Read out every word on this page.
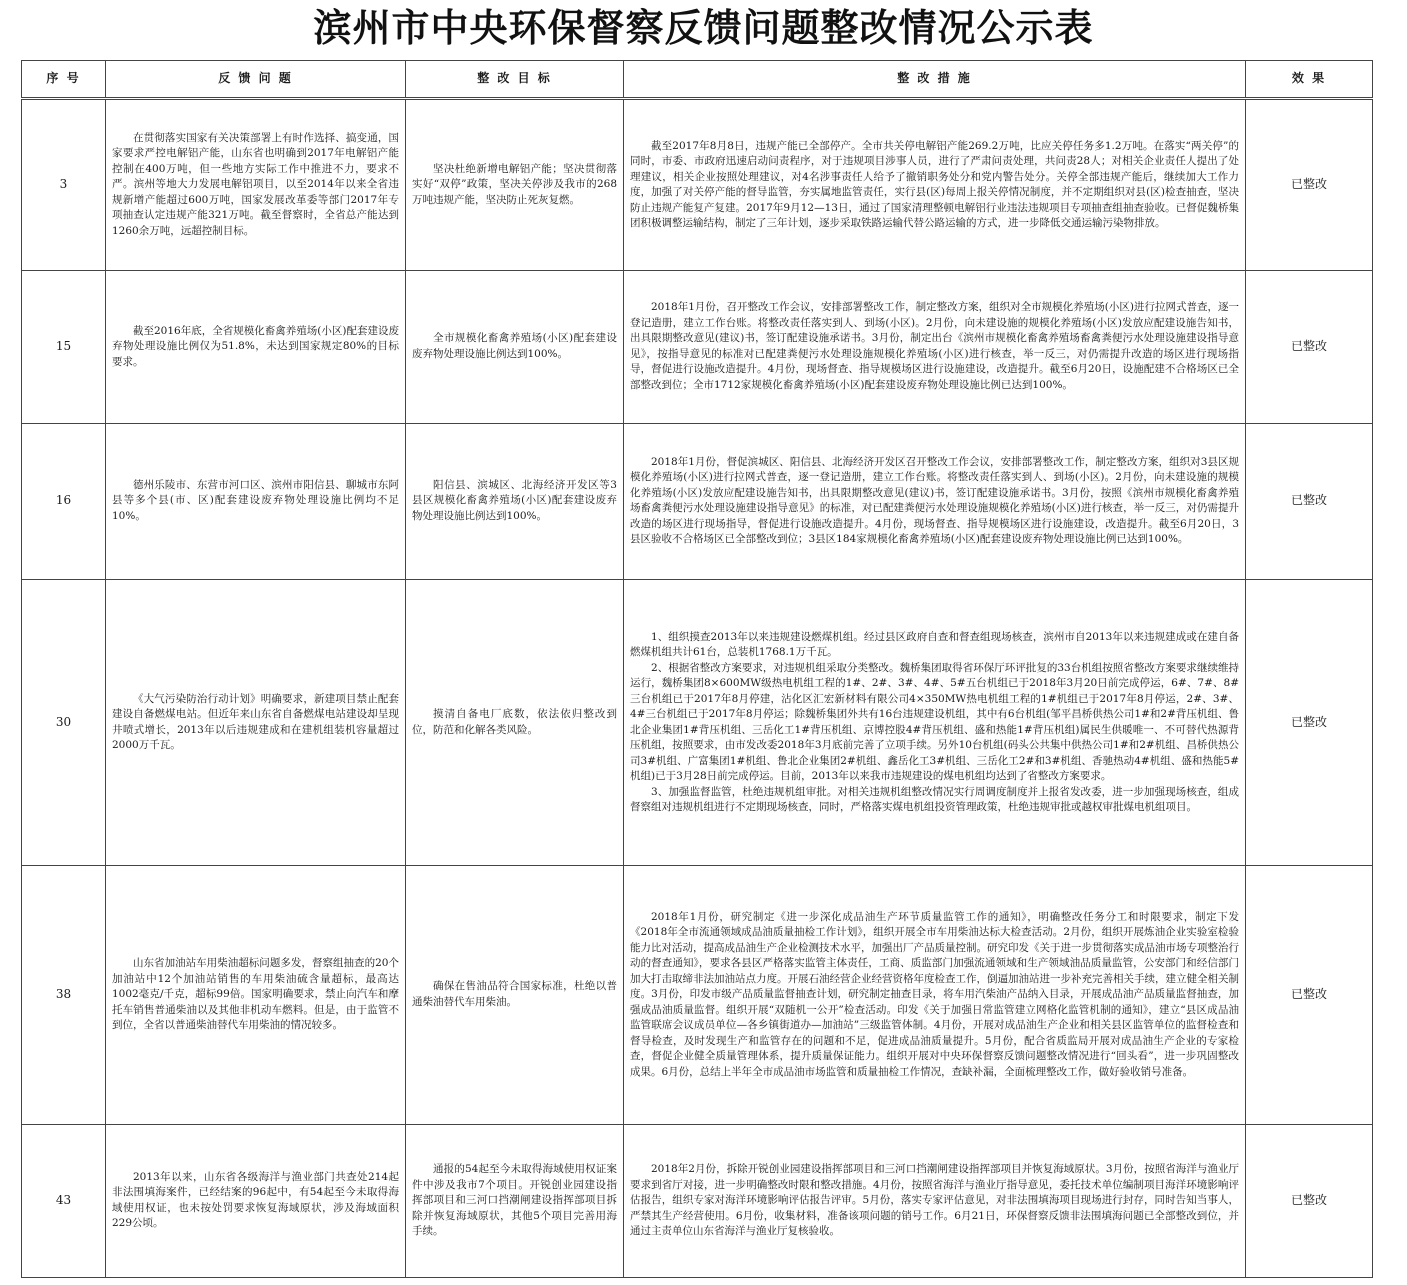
滨州市中央环保督察反馈问题整改情况公示表
序 号	反 馈 问 题	整 改 目 标	整 改 措 施	效 果
3	在贯彻落实国家有关决策部署上有时作选择、搞变通，国家要求严控电解铝产能，山东省也明确到2017年电解铝产能控制在400万吨，但一些地方实际工作中推进不力，要求不严。滨州等地大力发展电解铝项目，以至2014年以来全省违规新增产能超过600万吨，国家发展改革委等部门2017年专项抽查认定违规产能321万吨。截至督察时，全省总产能达到1260余万吨，远超控制目标。	坚决杜绝新增电解铝产能；坚决贯彻落实好“双停”政策，坚决关停涉及我市的268万吨违规产能，坚决防止死灰复燃。	截至2017年8月8日，违规产能已全部停产。全市共关停电解铝产能269.2万吨，比应关停任务多1.2万吨。在落实“两关停”的同时，市委、市政府迅速启动问责程序，对于违规项目涉事人员，进行了严肃问责处理，共问责28人；对相关企业责任人提出了处理建议，相关企业按照处理建议，对4名涉事责任人给予了撤销职务处分和党内警告处分。关停全部违规产能后，继续加大工作力度，加强了对关停产能的督导监管，夯实属地监管责任，实行县(区)每周上报关停情况制度，并不定期组织对县(区)检查抽查，坚决防止违规产能复产复建。2017年9月12—13日，通过了国家清理整顿电解铝行业违法违规项目专项抽查组抽查验收。已督促魏桥集团积极调整运输结构，制定了三年计划，逐步采取铁路运输代替公路运输的方式，进一步降低交通运输污染物排放。	已整改
15	截至2016年底，全省规模化畜禽养殖场(小区)配套建设废弃物处理设施比例仅为51.8%，未达到国家规定80%的目标要求。	全市规模化畜禽养殖场(小区)配套建设废弃物处理设施比例达到100%。	2018年1月份，召开整改工作会议，安排部署整改工作，制定整改方案，组织对全市规模化养殖场(小区)进行拉网式普查，逐一登记造册，建立工作台账。将整改责任落实到人、到场(小区)。2月份，向未建设施的规模化养殖场(小区)发放应配建设施告知书，出具限期整改意见(建议)书，签订配建设施承诺书。3月份，制定出台《滨州市规模化畜禽养殖场畜禽粪便污水处理设施建设指导意见》，按指导意见的标准对已配建粪便污水处理设施规模化养殖场(小区)进行核查，举一反三，对仍需提升改造的场区进行现场指导，督促进行设施改造提升。4月份，现场督查、指导规模场区进行设施建设，改造提升。截至6月20日，设施配建不合格场区已全部整改到位；全市1712家规模化畜禽养殖场(小区)配套建设废弃物处理设施比例已达到100%。	已整改
16	德州乐陵市、东营市河口区、滨州市阳信县、聊城市东阿县等多个县(市、区)配套建设废弃物处理设施比例均不足10%。	阳信县、滨城区、北海经济开发区等3县区规模化畜禽养殖场(小区)配套建设废弃物处理设施比例达到100%。	2018年1月份，督促滨城区、阳信县、北海经济开发区召开整改工作会议，安排部署整改工作，制定整改方案，组织对3县区规模化养殖场(小区)进行拉网式普查，逐一登记造册，建立工作台账。将整改责任落实到人、到场(小区)。2月份，向未建设施的规模化养殖场(小区)发放应配建设施告知书，出具限期整改意见(建议)书，签订配建设施承诺书。3月份，按照《滨州市规模化畜禽养殖场畜禽粪便污水处理设施建设指导意见》的标准，对已配建粪便污水处理设施规模化养殖场(小区)进行核查，举一反三，对仍需提升改造的场区进行现场指导，督促进行设施改造提升。4月份，现场督查、指导规模场区进行设施建设，改造提升。截至6月20日，3县区验收不合格场区已全部整改到位；3县区184家规模化畜禽养殖场(小区)配套建设废弃物处理设施比例已达到100%。	已整改
30	《大气污染防治行动计划》明确要求，新建项目禁止配套建设自备燃煤电站。但近年来山东省自备燃煤电站建设却呈现井喷式增长，2013年以后违规建成和在建机组装机容量超过2000万千瓦。	摸清自备电厂底数，依法依归整改到位，防范和化解各类风险。	1、组织摸查2013年以来违规建设燃煤机组。经过县区政府自查和督查组现场核查，滨州市自2013年以来违规建成或在建自备燃煤机组共计61台，总装机1768.1万千瓦。

2、根据省整改方案要求，对违规机组采取分类整改。魏桥集团取得省环保厅环评批复的33台机组按照省整改方案要求继续维持运行，魏桥集团8×600MW级热电机组工程的1#、2#、3#、4#、5#五台机组已于2018年3月20日前完成停运，6#、7#、8#三台机组已于2017年8月停建，沾化区汇宏新材料有限公司4×350MW热电机组工程的1#机组已于2017年8月停运，2#、3#、4#三台机组已于2017年8月停运；除魏桥集团外共有16台违规建设机组，其中有6台机组(邹平昌桥供热公司1#和2#背压机组、鲁北企业集团1#背压机组、三岳化工1#背压机组、京博控股4#背压机组、盛和热能1#背压机组)属民生供暖唯一、不可替代热源背压机组，按照要求，由市发改委2018年3月底前完善了立项手续。另外10台机组(码头公共集中供热公司1#和2#机组、昌桥供热公司3#机组、广富集团1#机组、鲁北企业集团2#机组、鑫岳化工3#机组、三岳化工2#和3#机组、香驰热动4#机组、盛和热能5#机组)已于3月28日前完成停运。目前，2013年以来我市违规建设的煤电机组均达到了省整改方案要求。

3、加强监督监管，杜绝违规机组审批。对相关违规机组整改情况实行周调度制度并上报省发改委，进一步加强现场核查，组成督察组对违规机组进行不定期现场核查，同时，严格落实煤电机组投资管理政策，杜绝违规审批或越权审批煤电机组项目。	已整改
38	山东省加油站车用柴油超标问题多发，督察组抽查的20个加油站中12个加油站销售的车用柴油硫含量超标，最高达1002毫克/千克，超标99倍。国家明确要求，禁止向汽车和摩托车销售普通柴油以及其他非机动车燃料。但是，由于监管不到位，全省以普通柴油替代车用柴油的情况较多。	确保在售油品符合国家标准，杜绝以普通柴油替代车用柴油。	2018年1月份，研究制定《进一步深化成品油生产环节质量监管工作的通知》，明确整改任务分工和时限要求，制定下发《2018年全市流通领域成品油质量抽检工作计划》，组织开展全市车用柴油达标大检查活动。2月份，组织开展炼油企业实验室检验能力比对活动，提高成品油生产企业检测技术水平，加强出厂产品质量控制。研究印发《关于进一步贯彻落实成品油市场专项整治行动的督查通知》，要求各县区严格落实监管主体责任，工商、质监部门加强流通领域和生产领域油品质量监管，公安部门和经信部门加大打击取缔非法加油站点力度。开展石油经营企业经营资格年度检查工作，倒逼加油站进一步补充完善相关手续，建立健全相关制度。3月份，印发市级产品质量监督抽查计划，研究制定抽查目录，将车用汽柴油产品纳入目录，开展成品油产品质量监督抽查，加强成品油质量监督。组织开展“双随机一公开”检查活动。印发《关于加强日常监管建立网格化监管机制的通知》，建立“县区成品油监管联席会议成员单位—各乡镇街道办—加油站”三级监管体制。4月份，开展对成品油生产企业和相关县区监管单位的监督检查和督导检查，及时发现生产和监管存在的问题和不足，促进成品油质量提升。5月份，配合省质监局开展对成品油生产企业的专家检查，督促企业健全质量管理体系，提升质量保证能力。组织开展对中央环保督察反馈问题整改情况进行“回头看”，进一步巩固整改成果。6月份，总结上半年全市成品油市场监管和质量抽检工作情况，查缺补漏，全面梳理整改工作，做好验收销号准备。	已整改
43	2013年以来，山东省各级海洋与渔业部门共查处214起非法围填海案件，已经结案的96起中，有54起至今未取得海域使用权证，也未按处罚要求恢复海域原状，涉及海域面积229公顷。	通报的54起至今未取得海域使用权证案件中涉及我市7个项目。开锐创业园建设指挥部项目和三河口挡潮闸建设指挥部项目拆除并恢复海域原状，其他5个项目完善用海手续。	2018年2月份，拆除开锐创业园建设指挥部项目和三河口挡潮闸建设指挥部项目并恢复海域原状。3月份，按照省海洋与渔业厅要求到省厅对接，进一步明确整改时限和整改措施。4月份，按照省海洋与渔业厅指导意见，委托技术单位编制项目海洋环境影响评估报告，组织专家对海洋环境影响评估报告评审。5月份，落实专家评估意见，对非法围填海项目现场进行封存，同时告知当事人，严禁其生产经营使用。6月份，收集材料，准备该项问题的销号工作。6月21日，环保督察反馈非法围填海问题已全部整改到位，并通过主责单位山东省海洋与渔业厅复核验收。	已整改
